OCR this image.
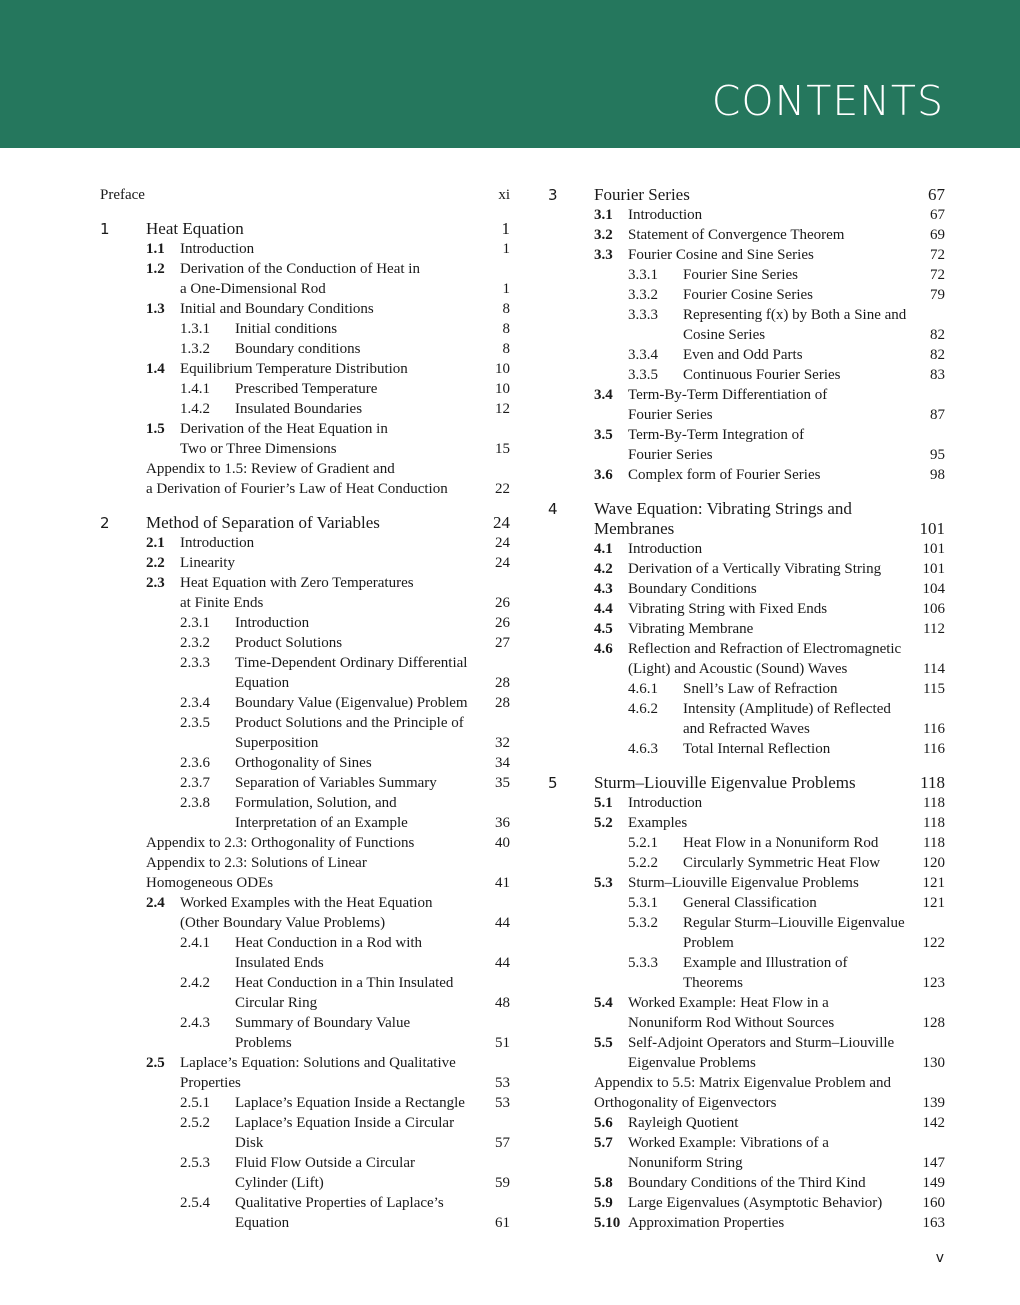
CONTENTS
Preface	xi
1	Heat Equation	1
1.1 Introduction	1
1.2 Derivation of the Conduction of Heat in
a One-Dimensional Rod	1
1.3 Initial and Boundary Conditions	8
1.3.1 Initial conditions	8
1.3.2 Boundary conditions	8
1.4 Equilibrium Temperature Distribution	10
1.4.1 Prescribed Temperature	10
1.4.2 Insulated Boundaries	12
1.5 Derivation of the Heat Equation in
Two or Three Dimensions	15
Appendix to 1.5: Review of Gradient and
a Derivation of Fourier’s Law of Heat Conduction	22
2	Method of Separation of Variables	24
2.1 Introduction	24
2.2 Linearity	24
2.3 Heat Equation with Zero Temperatures
at Finite Ends	26
2.3.1 Introduction	26
2.3.2 Product Solutions	27
2.3.3 Time-Dependent Ordinary Differential
Equation	28
2.3.4 Boundary Value (Eigenvalue) Problem	28
2.3.5 Product Solutions and the Principle of
Superposition	32
2.3.6 Orthogonality of Sines	34
2.3.7 Separation of Variables Summary	35
2.3.8 Formulation, Solution, and
Interpretation of an Example	36
Appendix to 2.3: Orthogonality of Functions	40
Appendix to 2.3: Solutions of Linear
Homogeneous ODEs	41
2.4 Worked Examples with the Heat Equation
(Other Boundary Value Problems)	44
2.4.1 Heat Conduction in a Rod with
Insulated Ends	44
2.4.2 Heat Conduction in a Thin Insulated
Circular Ring	48
2.4.3 Summary of Boundary Value
Problems	51
2.5 Laplace’s Equation: Solutions and Qualitative
Properties	53
2.5.1 Laplace’s Equation Inside a Rectangle	53
2.5.2 Laplace’s Equation Inside a Circular
Disk	57
2.5.3 Fluid Flow Outside a Circular
Cylinder (Lift)	59
2.5.4 Qualitative Properties of Laplace’s
Equation	61
3	Fourier Series	67
3.1 Introduction	67
3.2 Statement of Convergence Theorem	69
3.3 Fourier Cosine and Sine Series	72
3.3.1 Fourier Sine Series	72
3.3.2 Fourier Cosine Series	79
3.3.3 Representing f(x) by Both a Sine and
Cosine Series	82
3.3.4 Even and Odd Parts	82
3.3.5 Continuous Fourier Series	83
3.4 Term-By-Term Differentiation of
Fourier Series	87
3.5 Term-By-Term Integration of
Fourier Series	95
3.6 Complex form of Fourier Series	98
4	Wave Equation: Vibrating Strings and
Membranes	101
4.1 Introduction	101
4.2 Derivation of a Vertically Vibrating String	101
4.3 Boundary Conditions	104
4.4 Vibrating String with Fixed Ends	106
4.5 Vibrating Membrane	112
4.6 Reflection and Refraction of Electromagnetic
(Light) and Acoustic (Sound) Waves	114
4.6.1 Snell’s Law of Refraction	115
4.6.2 Intensity (Amplitude) of Reflected
and Refracted Waves	116
4.6.3 Total Internal Reflection	116
5	Sturm–Liouville Eigenvalue Problems	118
5.1 Introduction	118
5.2 Examples	118
5.2.1 Heat Flow in a Nonuniform Rod	118
5.2.2 Circularly Symmetric Heat Flow	120
5.3 Sturm–Liouville Eigenvalue Problems	121
5.3.1 General Classification	121
5.3.2 Regular Sturm–Liouville Eigenvalue
Problem	122
5.3.3 Example and Illustration of
Theorems	123
5.4 Worked Example: Heat Flow in a
Nonuniform Rod Without Sources	128
5.5 Self-Adjoint Operators and Sturm–Liouville
Eigenvalue Problems	130
Appendix to 5.5: Matrix Eigenvalue Problem and
Orthogonality of Eigenvectors	139
5.6 Rayleigh Quotient	142
5.7 Worked Example: Vibrations of a
Nonuniform String	147
5.8 Boundary Conditions of the Third Kind	149
5.9 Large Eigenvalues (Asymptotic Behavior)	160
5.10 Approximation Properties	163
v
